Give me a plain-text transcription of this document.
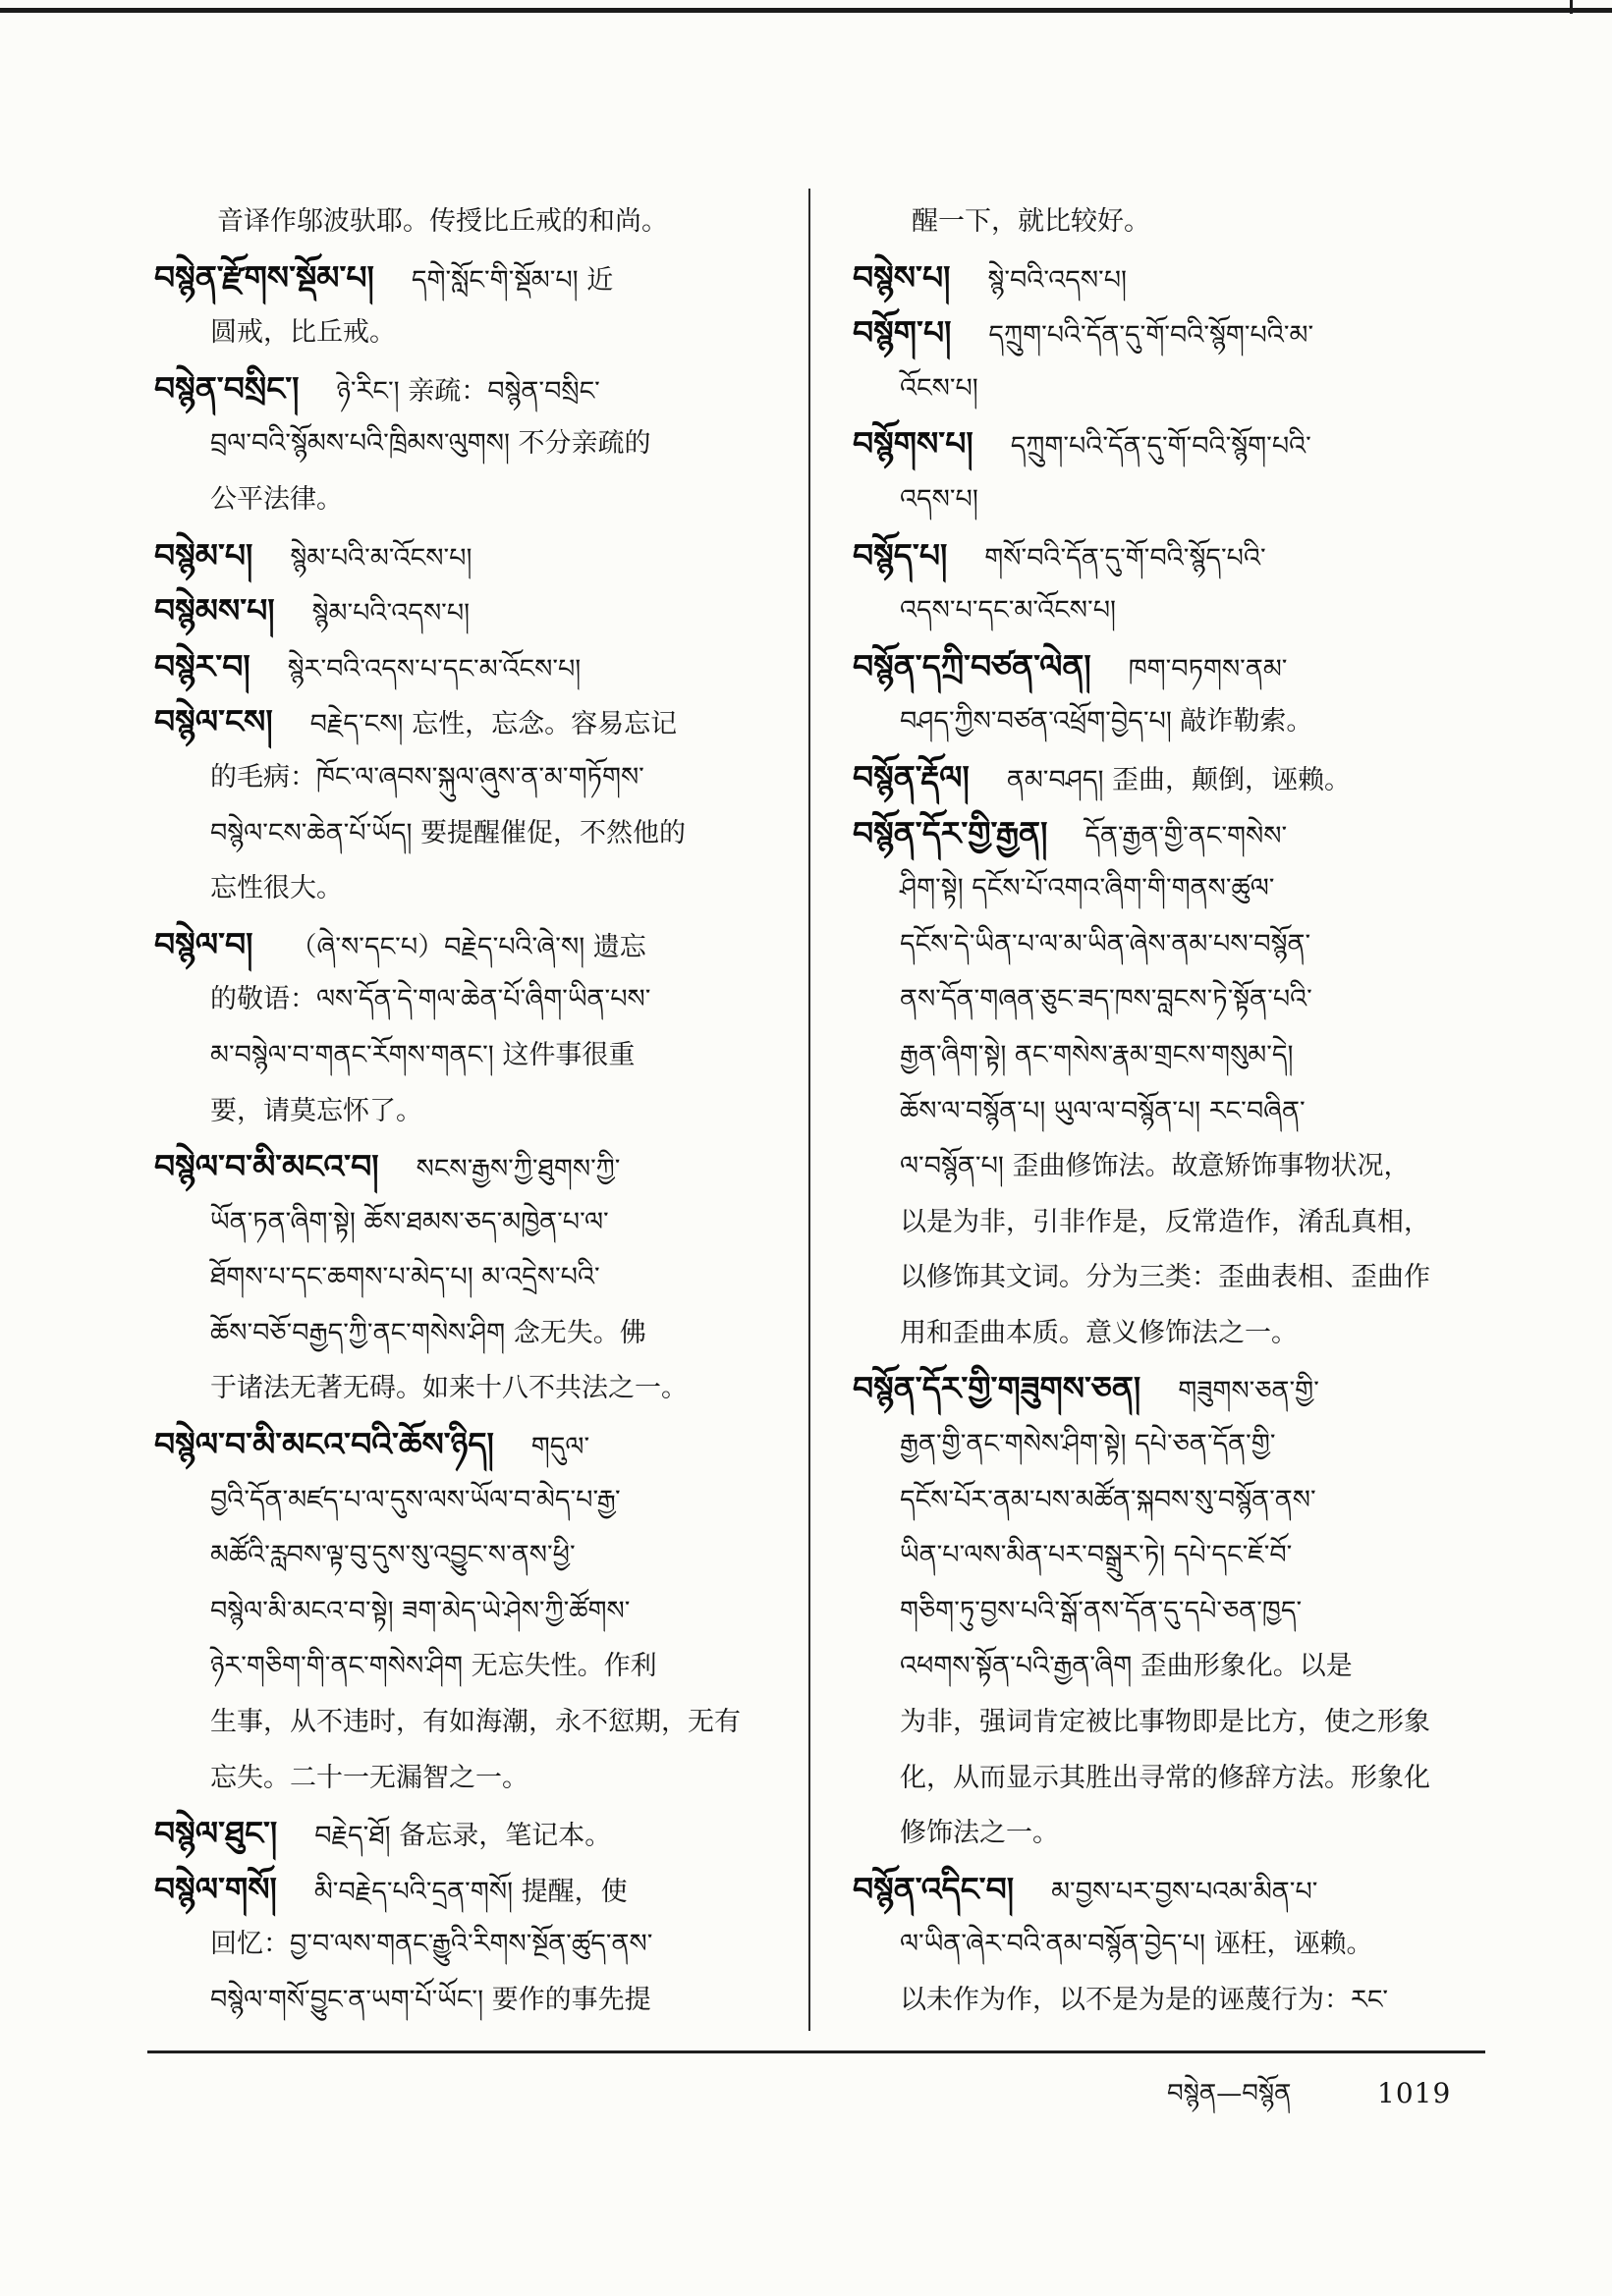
音译作邬波驮耶。传授比丘戒的和尚。
བསྙེན་རྫོགས་སྡོམ་པ། དགེ་སློང་གི་སྡོམ་པ། 近
圆戒，比丘戒。
བསྙེན་བསྲིང་། ཉེ་རིང་། 亲疏：བསྙེན་བསྲིང་
བྲལ་བའི་སྙོམས་པའི་ཁྲིམས་ལུགས། 不分亲疏的
公平法律。
བསྙེམ་པ། སྙེམ་པའི་མ་འོངས་པ།
བསྙེམས་པ། སྙེམ་པའི་འདས་པ།
བསྙེར་བ། སྙེར་བའི་འདས་པ་དང་མ་འོངས་པ།
བསྙེལ་ངས། བརྗེད་ངས། 忘性，忘念。容易忘记
的毛病：ཁོང་ལ་ཞབས་སྐུལ་ཞུས་ན་མ་གཏོགས་
བསྙེལ་ངས་ཆེན་པོ་ཡོད། 要提醒催促，不然他的
忘性很大。
བསྙེལ་བ། （ཞེ་ས་དང་པ）བརྗེད་པའི་ཞེ་ས། 遗忘
的敬语：ལས་དོན་དེ་གལ་ཆེན་པོ་ཞིག་ཡིན་པས་
མ་བསྙེལ་བ་གནང་རོགས་གནང་། 这件事很重
要，请莫忘怀了。
བསྙེལ་བ་མི་མངའ་བ། སངས་རྒྱས་ཀྱི་ཐུགས་ཀྱི་
ཡོན་ཏན་ཞིག་སྟེ། ཆོས་ཐམས་ཅད་མཁྱེན་པ་ལ་
ཐོགས་པ་དང་ཆགས་པ་མེད་པ། མ་འདྲེས་པའི་
ཆོས་བཅོ་བརྒྱད་ཀྱི་ནང་གསེས་ཤིག 念无失。佛
于诸法无著无碍。如来十八不共法之一。
བསྙེལ་བ་མི་མངའ་བའི་ཆོས་ཉིད། གདུལ་
བྱའི་དོན་མཛད་པ་ལ་དུས་ལས་ཡོལ་བ་མེད་པ་རྒྱ་
མཚོའི་རླབས་ལྟ་བུ་དུས་སུ་འབྱུང་ས་ནས་ཕྱི་
བསྙེལ་མི་མངའ་བ་སྟེ། ཟག་མེད་ཡེ་ཤེས་ཀྱི་ཚོགས་
ཉེར་གཅིག་གི་ནང་གསེས་ཤིག 无忘失性。作利
生事，从不违时，有如海潮，永不愆期，无有
忘失。二十一无漏智之一。
བསྙེལ་ཐུང་། བརྗེད་ཐོ། 备忘录，笔记本。
བསྙེལ་གསོ། མི་བརྗེད་པའི་དྲན་གསོ། 提醒，使
回忆：བྱ་བ་ལས་གནང་རྒྱུའི་རིགས་སྔོན་ཚུད་ནས་
བསྙེལ་གསོ་བྱུང་ན་ཡག་པོ་ཡོང་། 要作的事先提
醒一下，就比较好。
བསྙེས་པ། སྙེ་བའི་འདས་པ།
བསྙོག་པ། དཀྲུག་པའི་དོན་དུ་གོ་བའི་སྙོག་པའི་མ་
འོངས་པ།
བསྙོགས་པ། དཀྲུག་པའི་དོན་དུ་གོ་བའི་སྙོག་པའི་
འདས་པ།
བསྙོད་པ། གསོ་བའི་དོན་དུ་གོ་བའི་སྙོད་པའི་
འདས་པ་དང་མ་འོངས་པ།
བསྙོན་དཀྲི་བཙན་ལེན། ཁག་བཏགས་ནམ་
བཤད་ཀྱིས་བཙན་འཕྲོག་བྱེད་པ། 敲诈勒索。
བསྙོན་རྡོལ། ནམ་བཤད། 歪曲，颠倒，诬赖。
བསྙོན་དོར་གྱི་རྒྱན། དོན་རྒྱན་གྱི་ནང་གསེས་
ཤིག་སྟེ། དངོས་པོ་འགའ་ཞིག་གི་གནས་ཚུལ་
དངོས་དེ་ཡིན་པ་ལ་མ་ཡིན་ཞེས་ནམ་པས་བསྙོན་
ནས་དོན་གཞན་ཅུང་ཟད་ཁས་བླངས་ཏེ་སྟོན་པའི་
རྒྱན་ཞིག་སྟེ། ནང་གསེས་རྣམ་གྲངས་གསུམ་དེ།
ཆོས་ལ་བསྙོན་པ། ཡུལ་ལ་བསྙོན་པ། རང་བཞིན་
ལ་བསྙོན་པ། 歪曲修饰法。故意矫饰事物状况，
以是为非，引非作是，反常造作，淆乱真相，
以修饰其文词。分为三类：歪曲表相、歪曲作
用和歪曲本质。意义修饰法之一。
བསྙོན་དོར་གྱི་གཟུགས་ཅན། གཟུགས་ཅན་གྱི་
རྒྱན་གྱི་ནང་གསེས་ཤིག་སྟེ། དཔེ་ཅན་དོན་གྱི་
དངོས་པོར་ནམ་པས་མཚོན་སྐབས་སུ་བསྙོན་ནས་
ཡིན་པ་ལས་མིན་པར་བསྒྲུར་ཏེ། དཔེ་དང་ཇོ་བོ་
གཅིག་ཏུ་བྱས་པའི་སྒོ་ནས་དོན་དུ་དཔེ་ཅན་ཁྱད་
འཕགས་སྟོན་པའི་རྒྱན་ཞིག 歪曲形象化。以是
为非，强词肯定被比事物即是比方，使之形象
化，从而显示其胜出寻常的修辞方法。形象化
修饰法之一。
བསྙོན་འདིང་བ། མ་བྱས་པར་བྱས་པའམ་མིན་པ་
ལ་ཡིན་ཞེར་བའི་ནམ་བསྙོན་བྱེད་པ། 诬枉，诬赖。
以未作为作，以不是为是的诬蔑行为：རང་
བསྙེན—བསྙོན	1019
